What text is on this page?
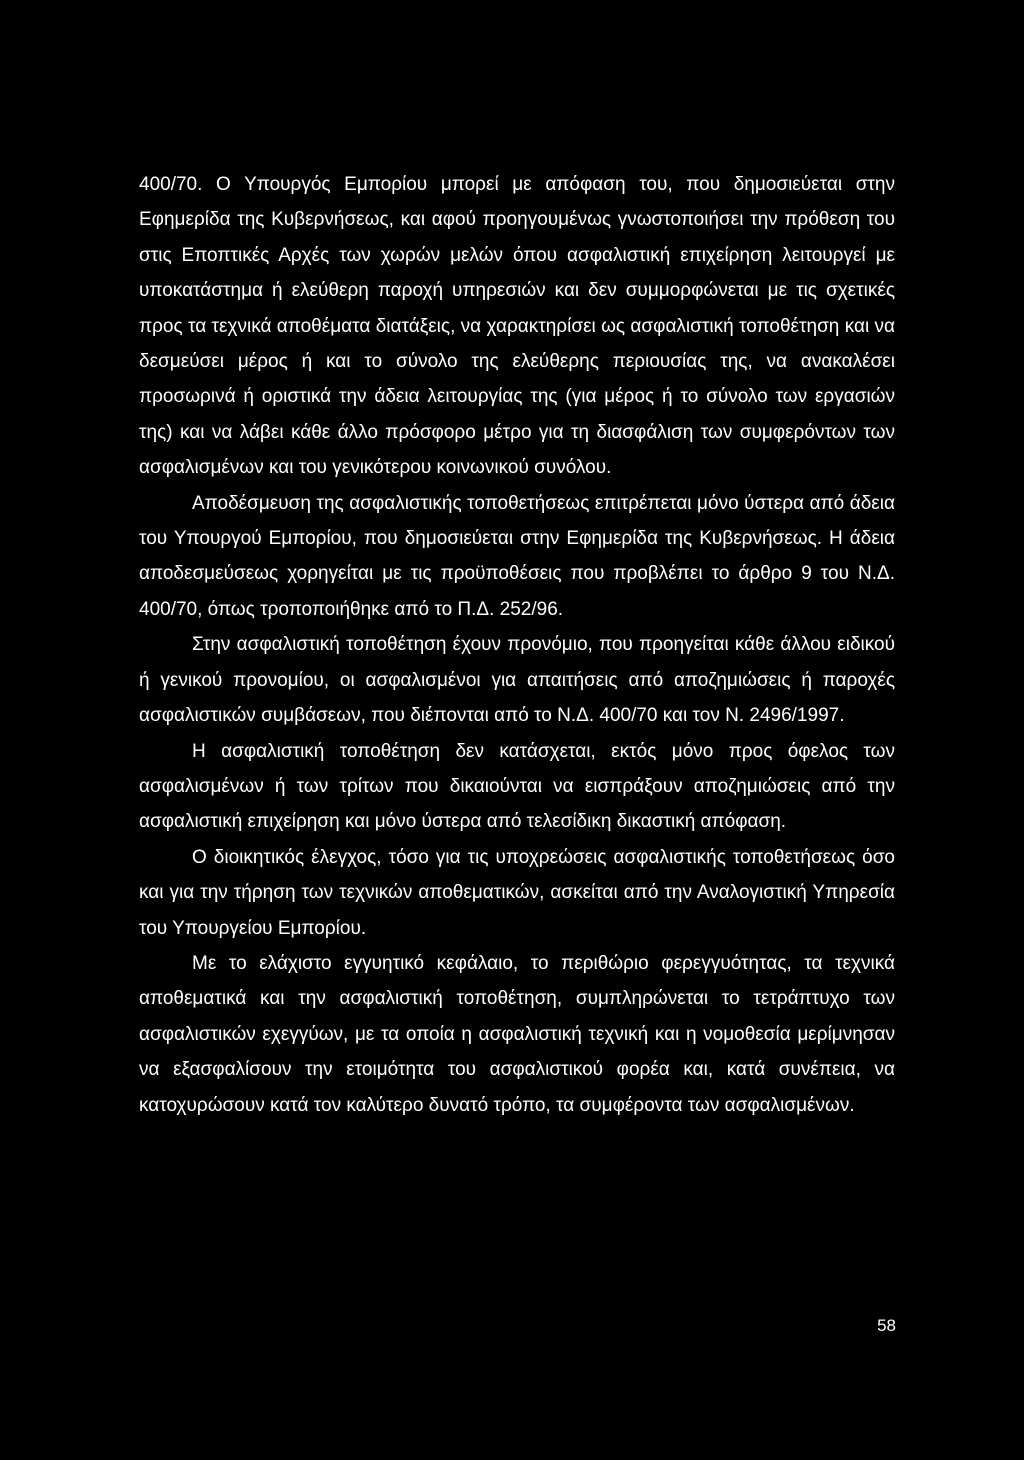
400/70. Ο Υπουργός Εμπορίου μπορεί με απόφαση του, που δημοσιεύεται στην Εφημερίδα της Κυβερνήσεως, και αφού προηγουμένως γνωστοποιήσει την πρόθεση του στις Εποπτικές Αρχές των χωρών μελών όπου ασφαλιστική επιχείρηση λειτουργεί με υποκατάστημα ή ελεύθερη παροχή υπηρεσιών και δεν συμμορφώνεται με τις σχετικές προς τα τεχνικά αποθέματα διατάξεις, να χαρακτηρίσει ως ασφαλιστική τοποθέτηση και να δεσμεύσει μέρος ή και το σύνολο της ελεύθερης περιουσίας της, να ανακαλέσει προσωρινά ή οριστικά την άδεια λειτουργίας της (για μέρος ή το σύνολο των εργασιών της) και να λάβει κάθε άλλο πρόσφορο μέτρο για τη διασφάλιση των συμφερόντων των ασφαλισμένων και του γενικότερου κοινωνικού συνόλου.

Αποδέσμευση της ασφαλιστικής τοποθετήσεως επιτρέπεται μόνο ύστερα από άδεια του Υπουργού Εμπορίου, που δημοσιεύεται στην Εφημερίδα της Κυβερνήσεως. Η άδεια αποδεσμεύσεως χορηγείται με τις προϋποθέσεις που προβλέπει το άρθρο 9 του Ν.Δ. 400/70, όπως τροποποιήθηκε από το Π.Δ. 252/96.

Στην ασφαλιστική τοποθέτηση έχουν προνόμιο, που προηγείται κάθε άλλου ειδικού ή γενικού προνομίου, οι ασφαλισμένοι για απαιτήσεις από αποζημιώσεις ή παροχές ασφαλιστικών συμβάσεων, που διέπονται από το Ν.Δ. 400/70 και τον Ν. 2496/1997.

Η ασφαλιστική τοποθέτηση δεν κατάσχεται, εκτός μόνο προς όφελος των ασφαλισμένων ή των τρίτων που δικαιούνται να εισπράξουν αποζημιώσεις από την ασφαλιστική επιχείρηση και μόνο ύστερα από τελεσίδικη δικαστική απόφαση.

Ο διοικητικός έλεγχος, τόσο για τις υποχρεώσεις ασφαλιστικής τοποθετήσεως όσο και για την τήρηση των τεχνικών αποθεματικών, ασκείται από την Αναλογιστική Υπηρεσία του Υπουργείου Εμπορίου.

Με το ελάχιστο εγγυητικό κεφάλαιο, το περιθώριο φερεγγυότητας, τα τεχνικά αποθεματικά και την ασφαλιστική τοποθέτηση, συμπληρώνεται το τετράπτυχο των ασφαλιστικών εχεγγύων, με τα οποία η ασφαλιστική τεχνική και η νομοθεσία μερίμνησαν να εξασφαλίσουν την ετοιμότητα του ασφαλιστικού φορέα και, κατά συνέπεια, να κατοχυρώσουν κατά τον καλύτερο δυνατό τρόπο, τα συμφέροντα των ασφαλισμένων.

58
